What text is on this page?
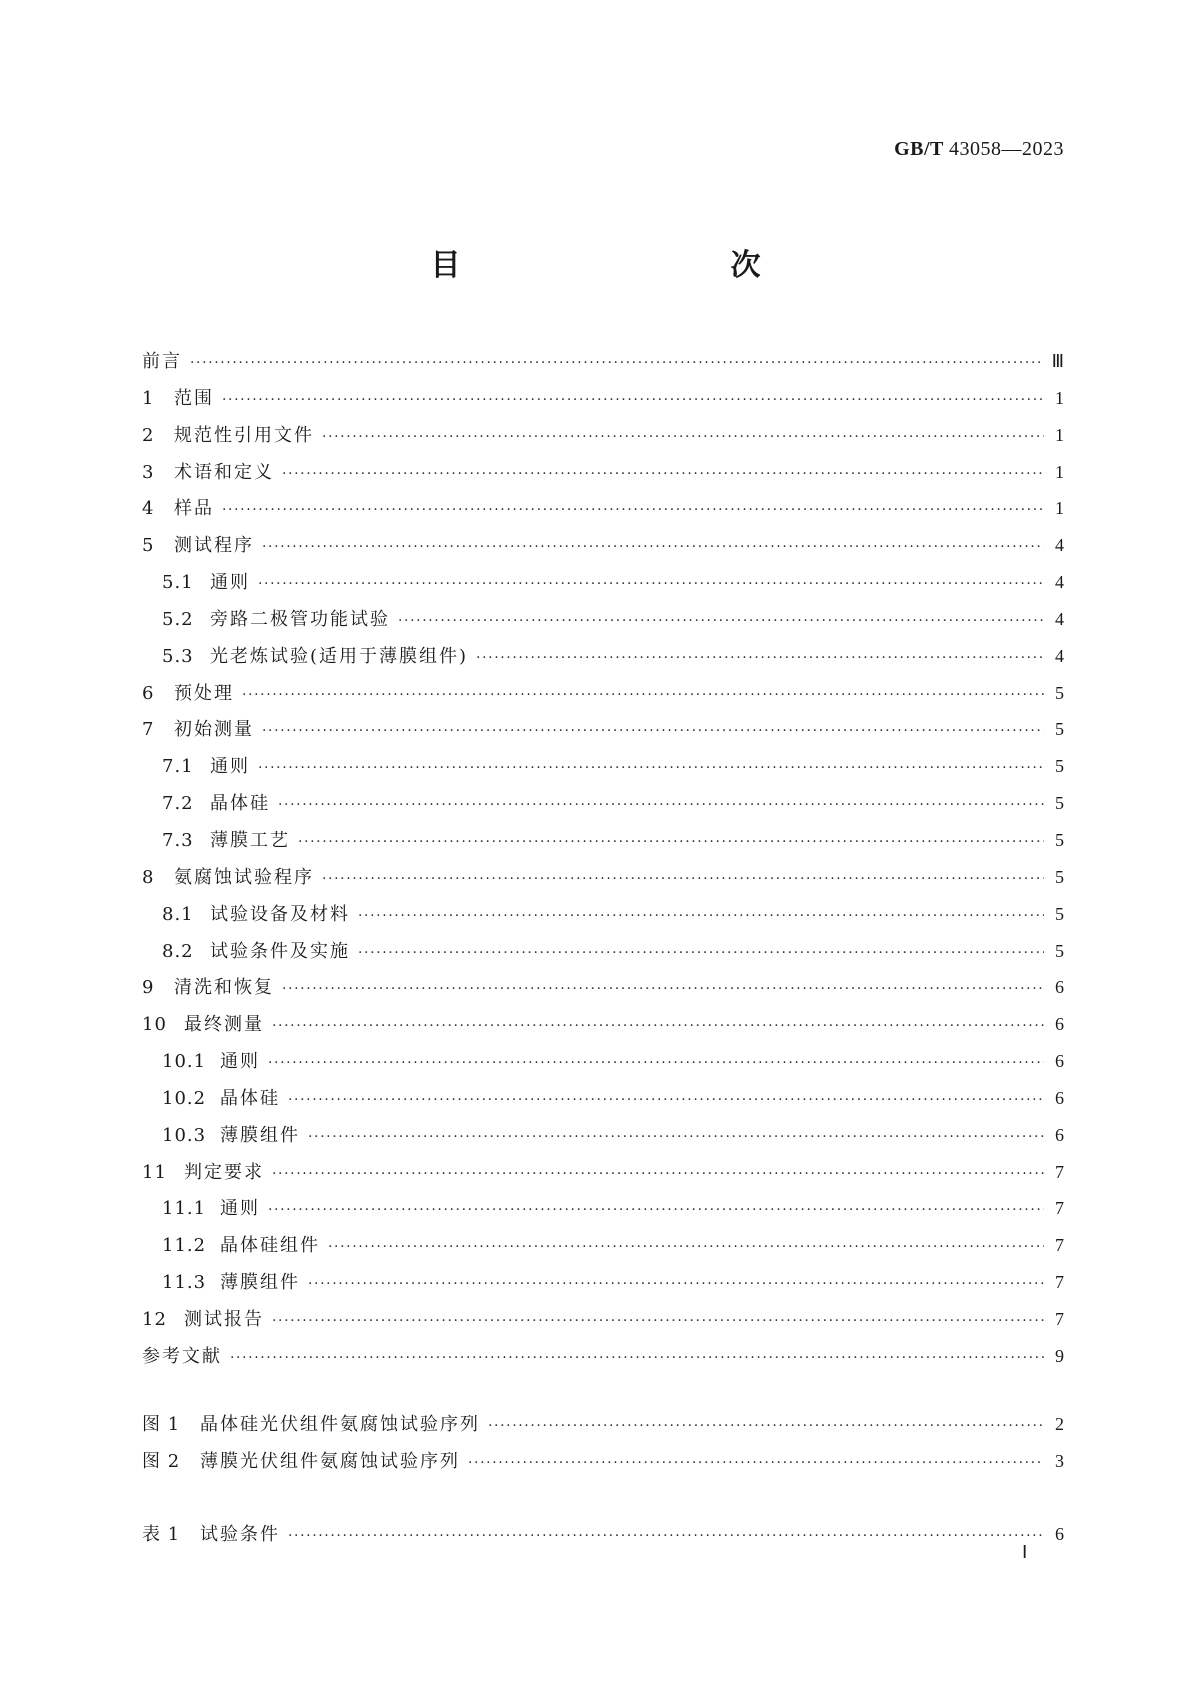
GB/T 43058—2023
目　　次
前言 ·····	Ⅲ
1	范围 ·····	1
2	规范性引用文件 ·····	1
3	术语和定义 ·····	1
4	样品 ·····	1
5	测试程序 ·····	4
5.1 通则 ·····	4
5.2 旁路二极管功能试验 ·····	4
5.3 光老炼试验(适用于薄膜组件) ·····	4
6	预处理 ·····	5
7	初始测量 ·····	5
7.1 通则 ·····	5
7.2 晶体硅 ·····	5
7.3 薄膜工艺 ·····	5
8	氨腐蚀试验程序 ·····	5
8.1 试验设备及材料 ·····	5
8.2 试验条件及实施 ·····	5
9	清洗和恢复 ·····	6
10 最终测量 ·····	6
10.1 通则 ·····	6
10.2 晶体硅 ·····	6
10.3 薄膜组件 ·····	6
11 判定要求 ·····	7
11.1 通则 ·····	7
11.2 晶体硅组件 ·····	7
11.3 薄膜组件 ·····	7
12 测试报告 ·····	7
参考文献 ·····	9
图 1	晶体硅光伏组件氨腐蚀试验序列 ·····	2
图 2	薄膜光伏组件氨腐蚀试验序列 ·····	3
表 1	试验条件 ·····	6
Ⅰ
